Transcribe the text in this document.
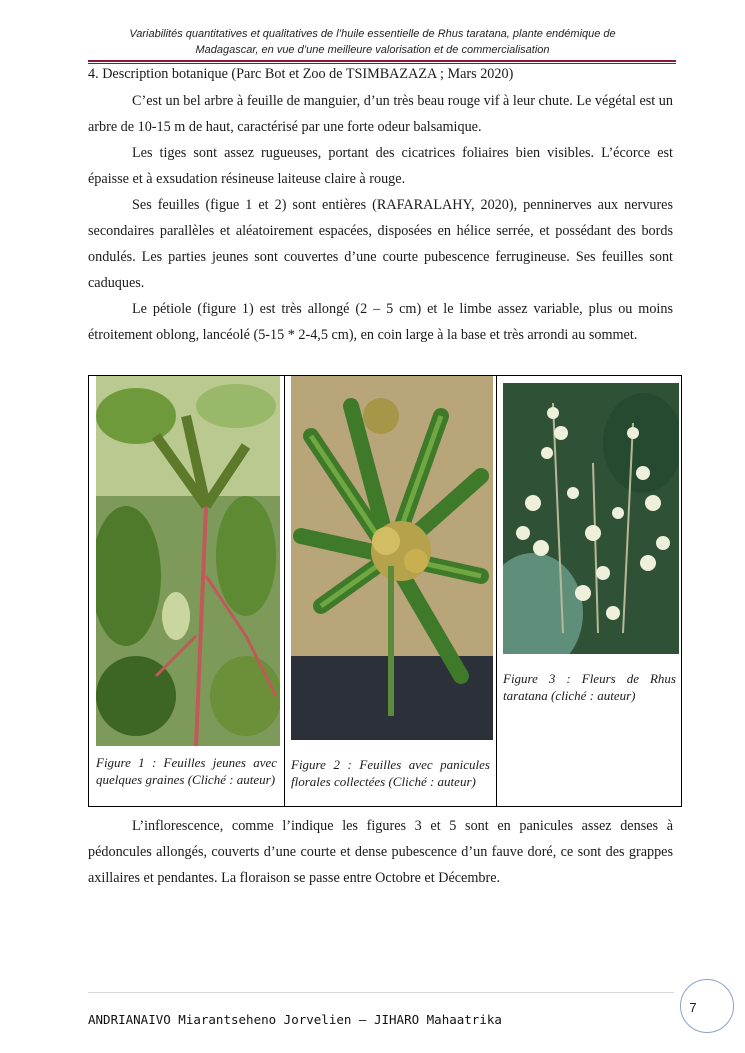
Variabilités quantitatives et qualitatives de l’huile essentielle de Rhus taratana, plante endémique de
Madagascar, en vue d’une meilleure valorisation et de commercialisation
4. Description botanique (Parc Bot et Zoo de TSIMBAZAZA ; Mars 2020)

C’est un bel arbre à feuille de manguier, d’un très beau rouge vif à leur chute. Le végétal est un arbre de 10-15 m de haut, caractérisé par une forte odeur balsamique.

Les tiges sont assez rugueuses, portant des cicatrices foliaires bien visibles. L’écorce est épaisse et à exsudation résineuse laiteuse claire à rouge.

Ses feuilles (figue 1 et 2) sont entières (RAFARALAHY, 2020), penninerves aux nervures secondaires parallèles et aléatoirement espacées, disposées en hélice serrée, et possédant des bords ondulés. Les parties jeunes sont couvertes d’une courte pubescence ferrugineuse. Ses feuilles sont caduques.

Le pétiole (figure 1) est très allongé (2 – 5 cm) et le limbe assez variable, plus ou moins étroitement oblong, lancéolé (5-15 * 2-4,5 cm), en coin large à la base et très arrondi au sommet.

Figure 1 : Feuilles jeunes avec quelques graines (Cliché : auteur)
Figure 2 : Feuilles avec panicules florales collectées (Cliché : auteur)
Figure 3 : Fleurs de Rhus taratana (cliché : auteur)

L’inflorescence, comme l’indique les figures 3 et 5 sont en panicules assez denses à pédoncules allongés, couverts d’une courte et dense pubescence d’un fauve doré, ce sont des grappes axillaires et pendantes. La floraison se passe entre Octobre et Décembre.

ANDRIANAIVO Miarantseheno Jorvelien – JIHARO Mahaatrika
7
